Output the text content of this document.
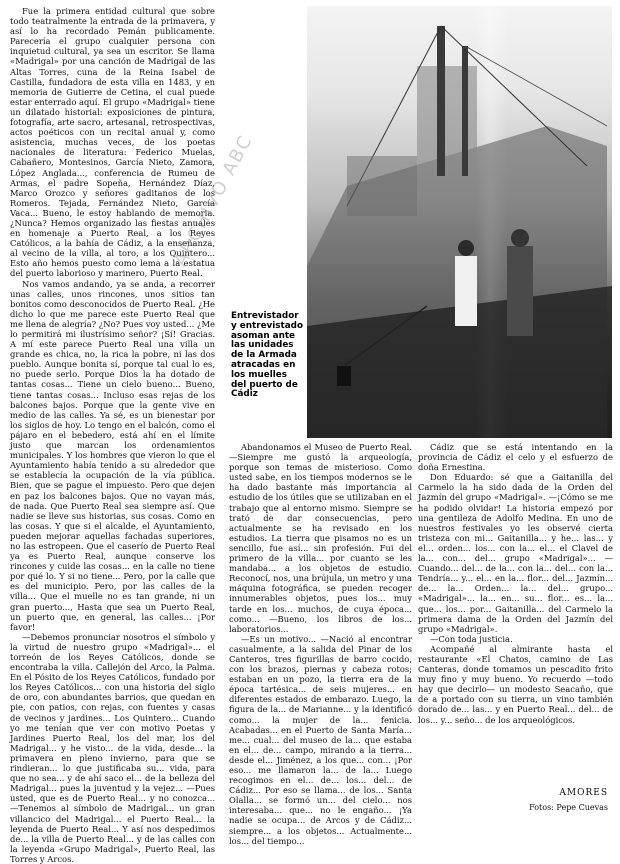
Fue la primera entidad cultural que sobre todo teatralmente la entrada de la primavera, y así lo ha recordado Pemán publicamente. Parecería el grupo cualquier persona con inquietud cultural, ya sea un escritor. Se llama «Madrigal» por una canción de Madrigal de las Altas Torres, cuna de la Reina Isabel de Castilla, fundadora de esta villa en 1483, y en memoria de Gutierre de Cetina, el cual puede estar enterrado aquí. El grupo «Madrigal» tiene un dilatado historial: exposiciones de pintura, fotografía, arte sacro, artesanal, retrospectivas, actos poéticos con un recital anual y, como asistencia, muchas veces, de los poetas nacionales de literatura: Federico Muelas, Cabañero, Montesinos, García Nieto, Zamora, López Anglada..., conferencia de Rumeu de Armas, el padre Sopeña, Hernández Díaz, Marco Orozco y señores gaditanos de los Romeros. Tejada, Fernández Nieto, García Vaca... Bueno, le estoy hablando de memoria. ¿Nunca? Hemos organizado las fiestas anuales en homenaje a Puerto Real, a los Reyes Católicos, a la bahía de Cádiz, a la enseñanza, al vecino de la villa, al toro, a los Quintero... Esto año hemos puesto como lema a la estatua del puerto laborioso y marinero, Puerto Real.

Nos vamos andando, ya se anda, a recorrer unas calles, unos rincones, unos sitios tan bonitos como desconocidos de Puerto Real. ¿He dicho lo que me parece este Puerto Real que me llena de alegría? ¿No? Pues voy usted... ¿Me lo permitirá mi ilustrísimo señor? ¡Sí! Gracias. A mí este parece Puerto Real una villa un grande es chica, no, la rica la pobre, ni las dos pueblo. Aunque bonita sí, porque tal cual lo es, no puede serlo. Porque Dios la ha dotado de tantas cosas... Tiene un cielo bueno... Bueno, tiene tantas cosas... Incluso esas rejas de los balcones bajos. Porque que la gente vive en medio de las calles. Ya sé, es un bienestar por los siglos de hoy. Lo tengo en el balcón, como el pájaro en el bebedero, está ahí en el límite justo que marcan los ordenamientos municipales. Y los hombres que vieron lo que el Ayuntamiento había tenido a su alrededor que se establecía la ocupación de la vía pública. Bien, que se pague el impuesto. Pero que dejen en paz los balcones bajos. Que no vayan más, de nada. Que Puerto Real sea siempre así. Que nadie se lleve sus historias, sus cosas. Como en las cosas. Y que si el alcalde, el Ayuntamiento, pueden mejorar aquellas fachadas superiores, no las estropeen. Que el caserío de Puerto Real ya es Puerto Real, aunque conserve los rincones y cuide las cosas... en la calle no tiene por qué lo. Y si no tiene... Pero, por la calle que es del municipio. Pero, por las calles de la villa... Que el muelle no es tan grande, ni un gran puerto..., Hasta que sea un Puerto Real, un puerto que, en general, las calles... ¡Por favor!

—Debemos pronunciar nosotros el símbolo y la virtud de nuestro grupo «Madrigal»... el torreón de los Reyes Católicos, donde se encontraba la villa. Callejón del Arco, la Palma. En el Pósito de los Reyes Católicos, fundado por los Reyes Católicos... con una historia del siglo de oro, con abundantes barrios, que quedan en pie, con patios, con rejas, con fuentes y casas de vecinos y jardines... Los Quintero... Cuando yo me tenían que ver con motivo Poetas y Jardines Puerto Real, los del mar, los del Madrigal... y he visto... de la vida, desde... la primavera en pleno invierno, para que se rindieran... lo que justificaba su... vida, para que no sea... y de ahí saco el... de la belleza del Madrigal... pues la juventud y la vejez... —Pues usted, que es de Puerto Real... y no conozca... —Tenemos al símbolo de Madrigal... un gran villancico del Madrigal... el Puerto Real... la leyenda de Puerto Real... Y así nos despedimos de... la villa de Puerto Real... y de las calles con la leyenda «Grupo Madrigal», Puerto Real, las Torres y Arcos.

Entrevistador y entrevistado asoman ante las unidades de la Armada atracadas en los muelles del puerto de Cádiz
ARCHIVO ABC

Abandonamos el Museo de Puerto Real. —Siempre me gustó la arqueología, porque son temas de misterioso. Como usted sabe, en los tiempos modernos se le ha dado bastante más importancia al estudio de los útiles que se utilizaban en el trabajo que al entorno mismo. Siempre se trató de dar consecuencias, pero actualmente se ha revisado en los estudios. La tierra que pisamos no es un sencillo, fue así... sin profesión. Fui del primero de la villa... por cuanto se les mandaba... a los objetos de estudio. Reconocí, nos, una brújula, un metro y una máquina fotográfica, se pueden recoger innumerables objetos, pues los... muy tarde en los... muchos, de cuya época... como... —Bueno, los libros de los... laboratorios...

—Es un motivo... —Nació al encontrar casualmente, a la salida del Pinar de los Canteros, tres figurillas de barro cocido, con los brazos, piernas y cabeza rotos; estaban en un pozo, la tierra era de la época tartésica... de seis mujeres... en diferentes estados de embarazo. Luego, la figura de la... de Marianne... y la identificó como... la mujer de la... fenicia. Acabadas... en el Puerto de Santa María... me... cual... del museo de la... que estaba en el... de... campo, mirando a la tierra... desde el... Jiménez, a los que... con... ¡Por eso... me llamaron la... de la... Luego recogimos en el... de... los... del... de Cádiz... Por eso se llama... de los... Santa Olalla... se formó un... del cielo... nos interesaba... que... no le engaño... ¡Ya nadie se ocupa... de Arcos y de Cádiz... siempre... a los objetos... Actualmente... los... del tiempo...

Cádiz que se está intentando en la provincia de Cádiz el celo y el esfuerzo de doña Ernestina.

Don Eduardo: sé que a Gaitanilla del Carmelo la ha sido dada de la Orden del Jazmín del grupo «Madrigal». —¡Cómo se me ha podido olvidar! La historia empezó por una gentileza de Adolfo Medina. En uno de nuestros festivales yo les observé cierta tristeza con mi... Gaitanilla... y he... las... y el... orden... los... con la... el... el Clavel de la... con... del... grupo «Madrigal»... —Cuando... del... de la... con la... del... con la... Tendría... y... el... en la... flor... del... Jazmín... de... la... Orden... la... del... grupo... «Madrigal»... la... en... su... flor... es... la... que... los... por... Gaitanilla... del Carmelo la primera dama de la Orden del Jazmín del grupo «Madrigal».

—Con toda justicia.

Acompañé al almirante hasta el restaurante «El Chatos, camino de Las Canteras, donde tomamos un pescadito frito muy fino y muy bueno. Yo recuerdo —todo hay que decirlo— un modesto Seacaño, que de a portado con su tierra, un vino también dorado de... las... y en Puerto Real... del... de los... y... seño... de los arqueológicos.

AMORES
Fotos: Pepe Cuevas
